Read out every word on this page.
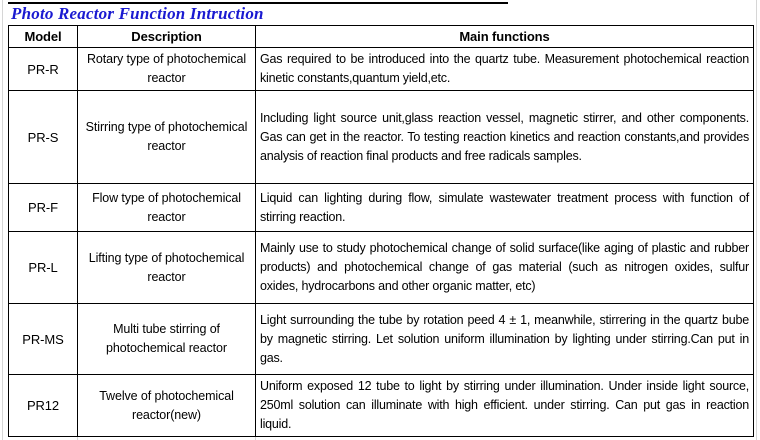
Photo Reactor Function Intruction
Model	Description	Main functions
PR-R	Rotary type of photochemical reactor	Gas required to be introduced into the quartz tube. Measurement photochemical reaction kinetic constants,quantum yield,etc.
PR-S	Stirring type of photochemical reactor	Including light source unit,glass reaction vessel, magnetic stirrer, and other components. Gas can get in the reactor. To testing reaction kinetics and reaction constants,and provides analysis of reaction final products and free radicals samples.
PR-F	Flow type of photochemical reactor	Liquid can lighting during flow, simulate wastewater treatment process with function of stirring reaction.
PR-L	Lifting type of photochemical reactor	Mainly use to study photochemical change of solid surface(like aging of plastic and rubber products) and photochemical change of gas material (such as nitrogen oxides, sulfur oxides, hydrocarbons and other organic matter, etc)
PR-MS	Multi tube stirring of photochemical reactor	Light surrounding the tube by rotation peed 4 ± 1, meanwhile, stirrering in the quartz bube by magnetic stirring. Let solution uniform illumination by lighting under stirring.Can put in gas.
PR12	Twelve of photochemical reactor(new)	Uniform exposed 12 tube to light by stirring under illumination. Under inside light source, 250ml solution can illuminate with high efficient. under stirring. Can put gas in reaction liquid.
